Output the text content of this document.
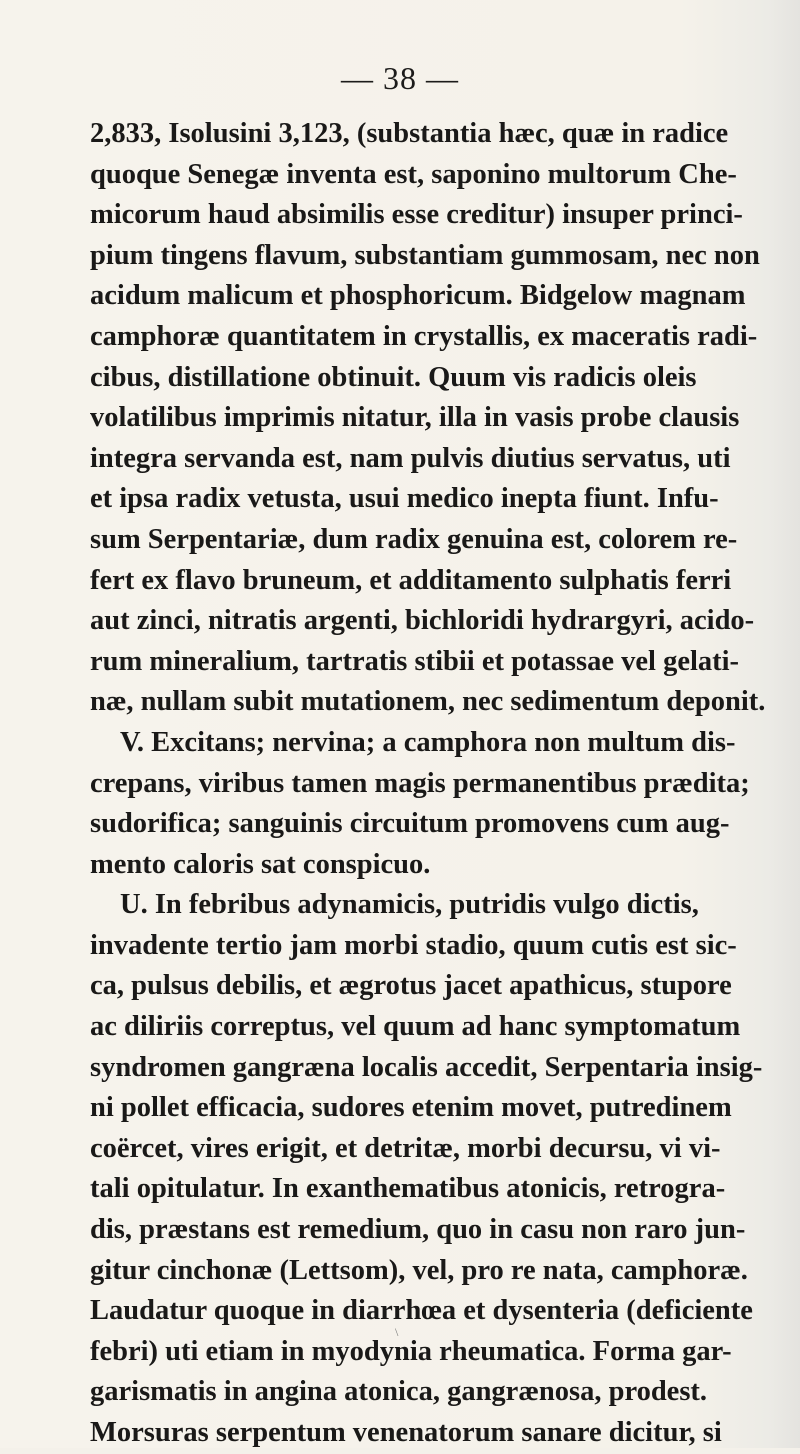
— 38 —
2,833, Isolusini 3,123, (substantia hæc, quæ in radice
quoque Senegæ inventa est, saponino multorum Che-
micorum haud absimilis esse creditur) insuper princi-
pium tingens flavum, substantiam gummosam, nec non
acidum malicum et phosphoricum. Bidgelow magnam
camphoræ quantitatem in crystallis, ex maceratis radi-
cibus, distillatione obtinuit. Quum vis radicis oleis
volatilibus imprimis nitatur, illa in vasis probe clausis
integra servanda est, nam pulvis diutius servatus, uti
et ipsa radix vetusta, usui medico inepta fiunt. Infu-
sum Serpentariæ, dum radix genuina est, colorem re-
fert ex flavo bruneum, et additamento sulphatis ferri
aut zinci, nitratis argenti, bichloridi hydrargyri, acido-
rum mineralium, tartratis stibii et potassae vel gelati-
næ, nullam subit mutationem, nec sedimentum deponit.
V. Excitans; nervina; a camphora non multum dis-
crepans, viribus tamen magis permanentibus prædita;
sudorifica; sanguinis circuitum promovens cum aug-
mento caloris sat conspicuo.
U. In febribus adynamicis, putridis vulgo dictis,
invadente tertio jam morbi stadio, quum cutis est sic-
ca, pulsus debilis, et ægrotus jacet apathicus, stupore
ac diliriis correptus, vel quum ad hanc symptomatum
syndromen gangræna localis accedit, Serpentaria insig-
ni pollet efficacia, sudores etenim movet, putredinem
coërcet, vires erigit, et detritæ, morbi decursu, vi vi-
tali opitulatur. In exanthematibus atonicis, retrogra-
dis, præstans est remedium, quo in casu non raro jun-
gitur cinchonæ (Lettsom), vel, pro re nata, camphoræ.
Laudatur quoque in diarrhœa et dysenteria (deficiente
febri) uti etiam in myodynia rheumatica. Forma gar-
garismatis in angina atonica, gangrænosa, prodest.
Morsuras serpentum venenatorum sanare dicitur, si
\
